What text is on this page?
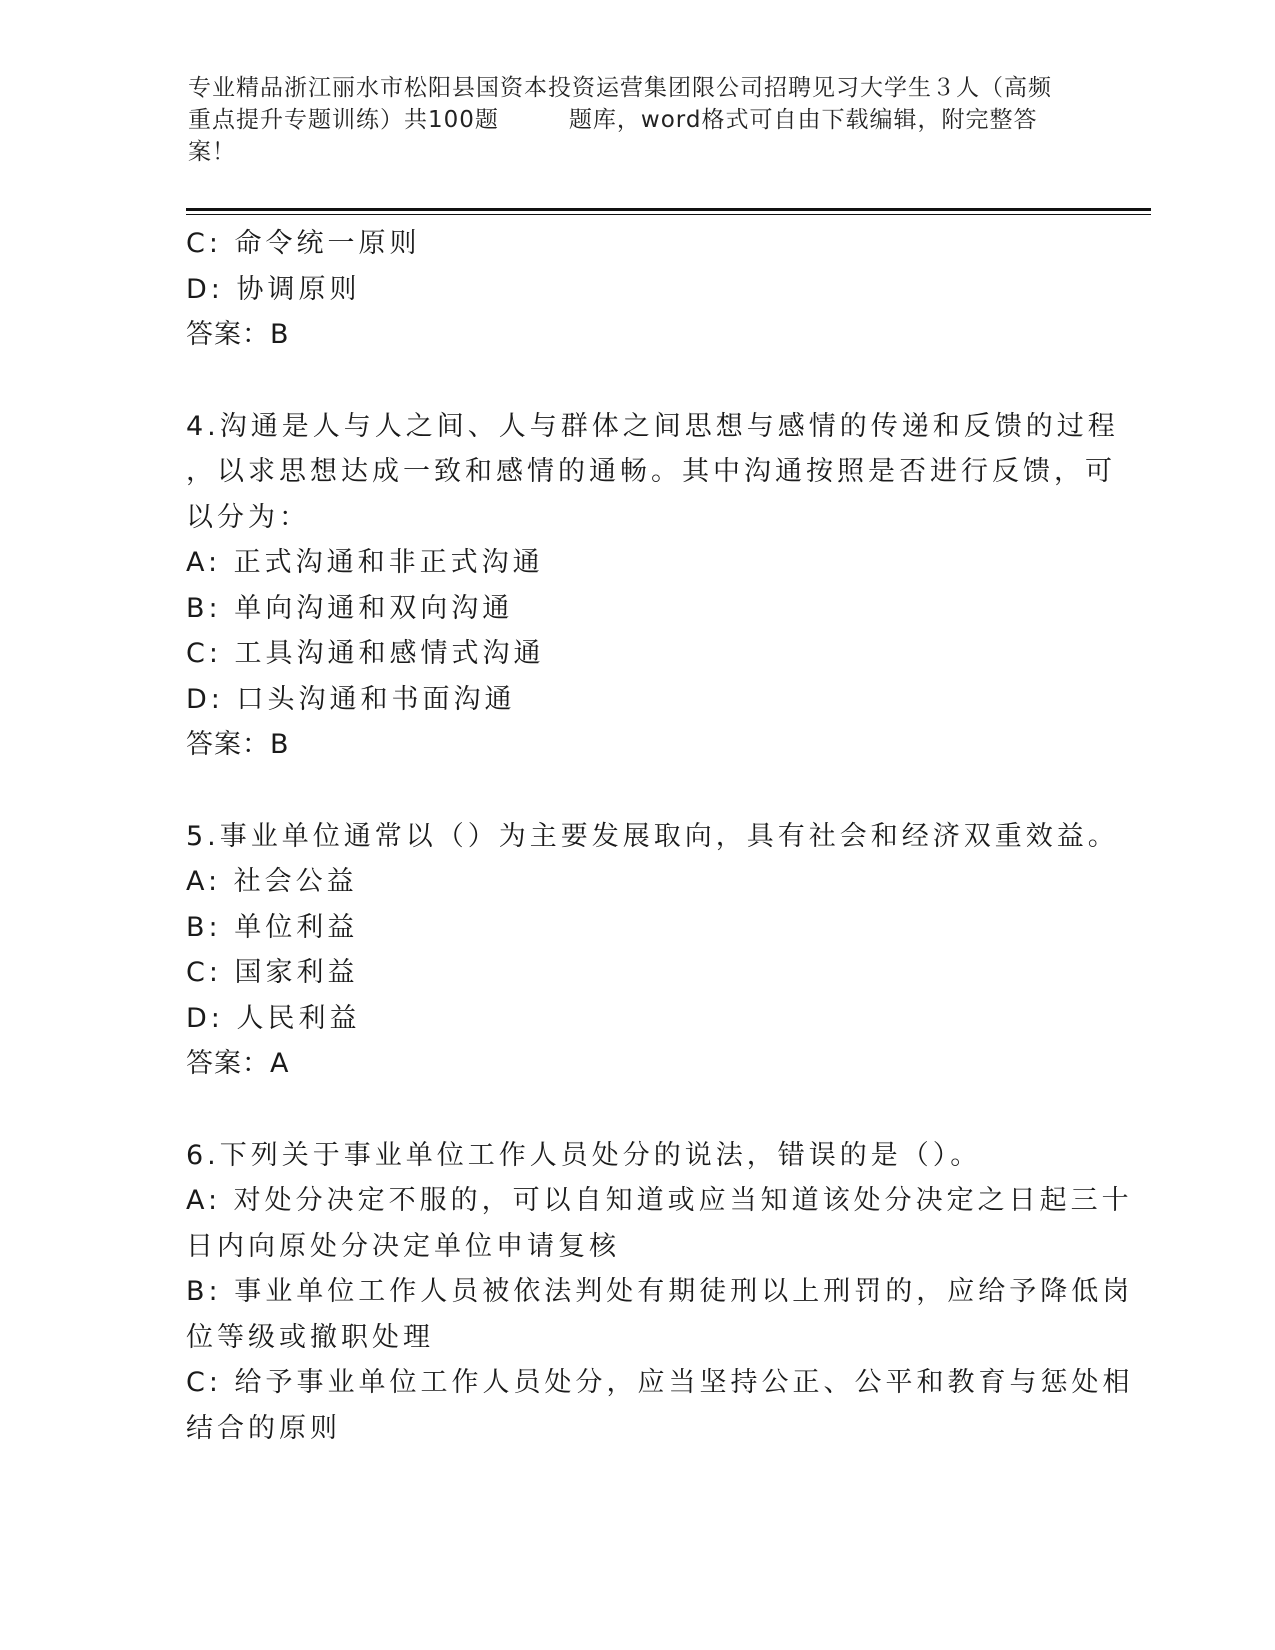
专业精品浙江丽水市松阳县国资本投资运营集团限公司招聘见习大学生３人（高频
重点提升专题训练）共100题	题库，word格式可自由下载编辑，附完整答
案！
C: 命令统一原则
D: 协调原则
答案：B
4.沟通是人与人之间、人与群体之间思想与感情的传递和反馈的过程
，以求思想达成一致和感情的通畅。其中沟通按照是否进行反馈，可
以分为：
A: 正式沟通和非正式沟通
B: 单向沟通和双向沟通
C: 工具沟通和感情式沟通
D: 口头沟通和书面沟通
答案：B
5.事业单位通常以（）为主要发展取向，具有社会和经济双重效益。
A: 社会公益
B: 单位利益
C: 国家利益
D: 人民利益
答案：A
6.下列关于事业单位工作人员处分的说法，错误的是（）。
A: 对处分决定不服的，可以自知道或应当知道该处分决定之日起三十
日内向原处分决定单位申请复核
B: 事业单位工作人员被依法判处有期徒刑以上刑罚的，应给予降低岗
位等级或撤职处理
C: 给予事业单位工作人员处分，应当坚持公正、公平和教育与惩处相
结合的原则
